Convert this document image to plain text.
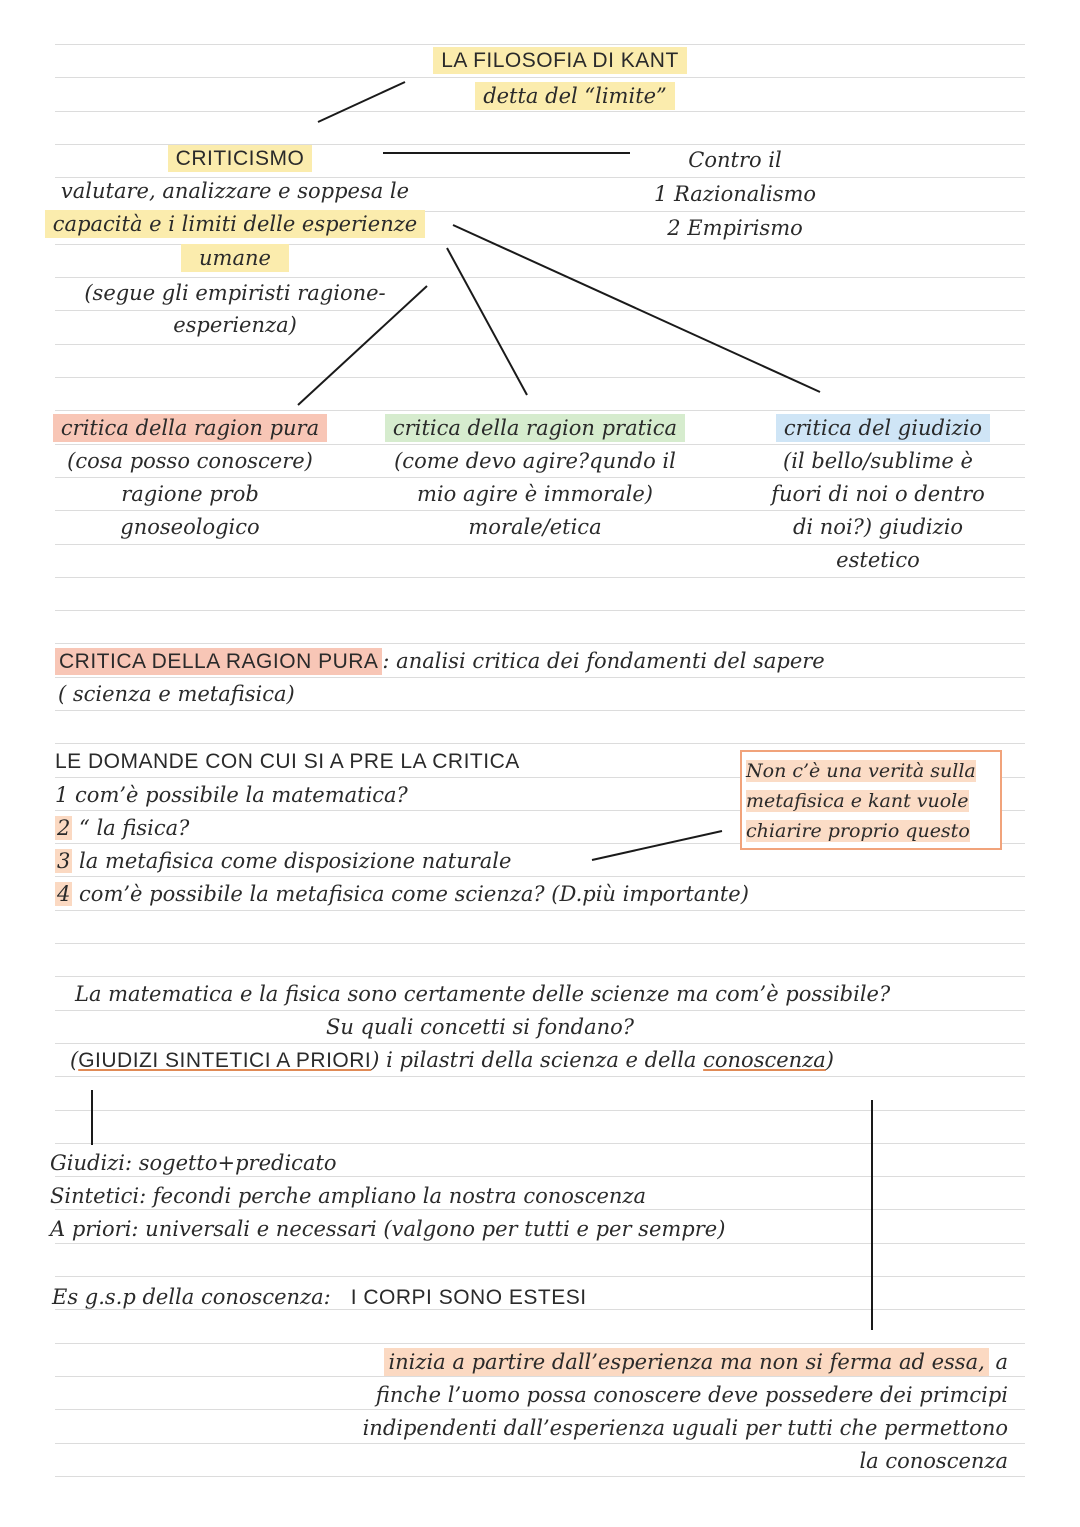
LA FILOSOFIA DI KANT
detta del “limite”
CRITICISMO
valutare, analizzare e soppesa le
capacità e i limiti delle esperienze
umane
(segue gli empiristi ragione-
esperienza)
Contro il
1 Razionalismo
2 Empirismo
critica della ragion pura
(cosa posso conoscere)
ragione prob
gnoseologico
critica della ragion pratica
(come devo agire?qundo il
mio agire è immorale)
morale/etica
critica del giudizio
(il bello/sublime è
fuori di noi o dentro
di noi?) giudizio
estetico
CRITICA DELLA RAGION PURA : analisi critica dei fondamenti del sapere
( scienza e metafisica)
LE DOMANDE CON CUI SI A PRE LA CRITICA
1 com’è possibile la matematica?
2 “ la fisica?
3 la metafisica come disposizione naturale
4 com’è possibile la metafisica come scienza? (D.più importante)
Non c’è una verità sulla
metafisica e kant vuole
chiarire proprio questo
La matematica e la fisica sono certamente delle scienze ma com’è possibile?
Su quali concetti si fondano?
(GIUDIZI SINTETICI A PRIORI) i pilastri della scienza e della conoscenza)
Giudizi: sogetto+predicato
Sintetici: fecondi perche ampliano la nostra conoscenza
A priori: universali e necessari (valgono per tutti e per sempre)
Es g.s.p della conoscenza: I CORPI SONO ESTESI
inizia a partire dall’esperienza ma non si ferma ad essa, a
finche l’uomo possa conoscere deve possedere dei primcipi
indipendenti dall’esperienza uguali per tutti che permettono
la conoscenza
